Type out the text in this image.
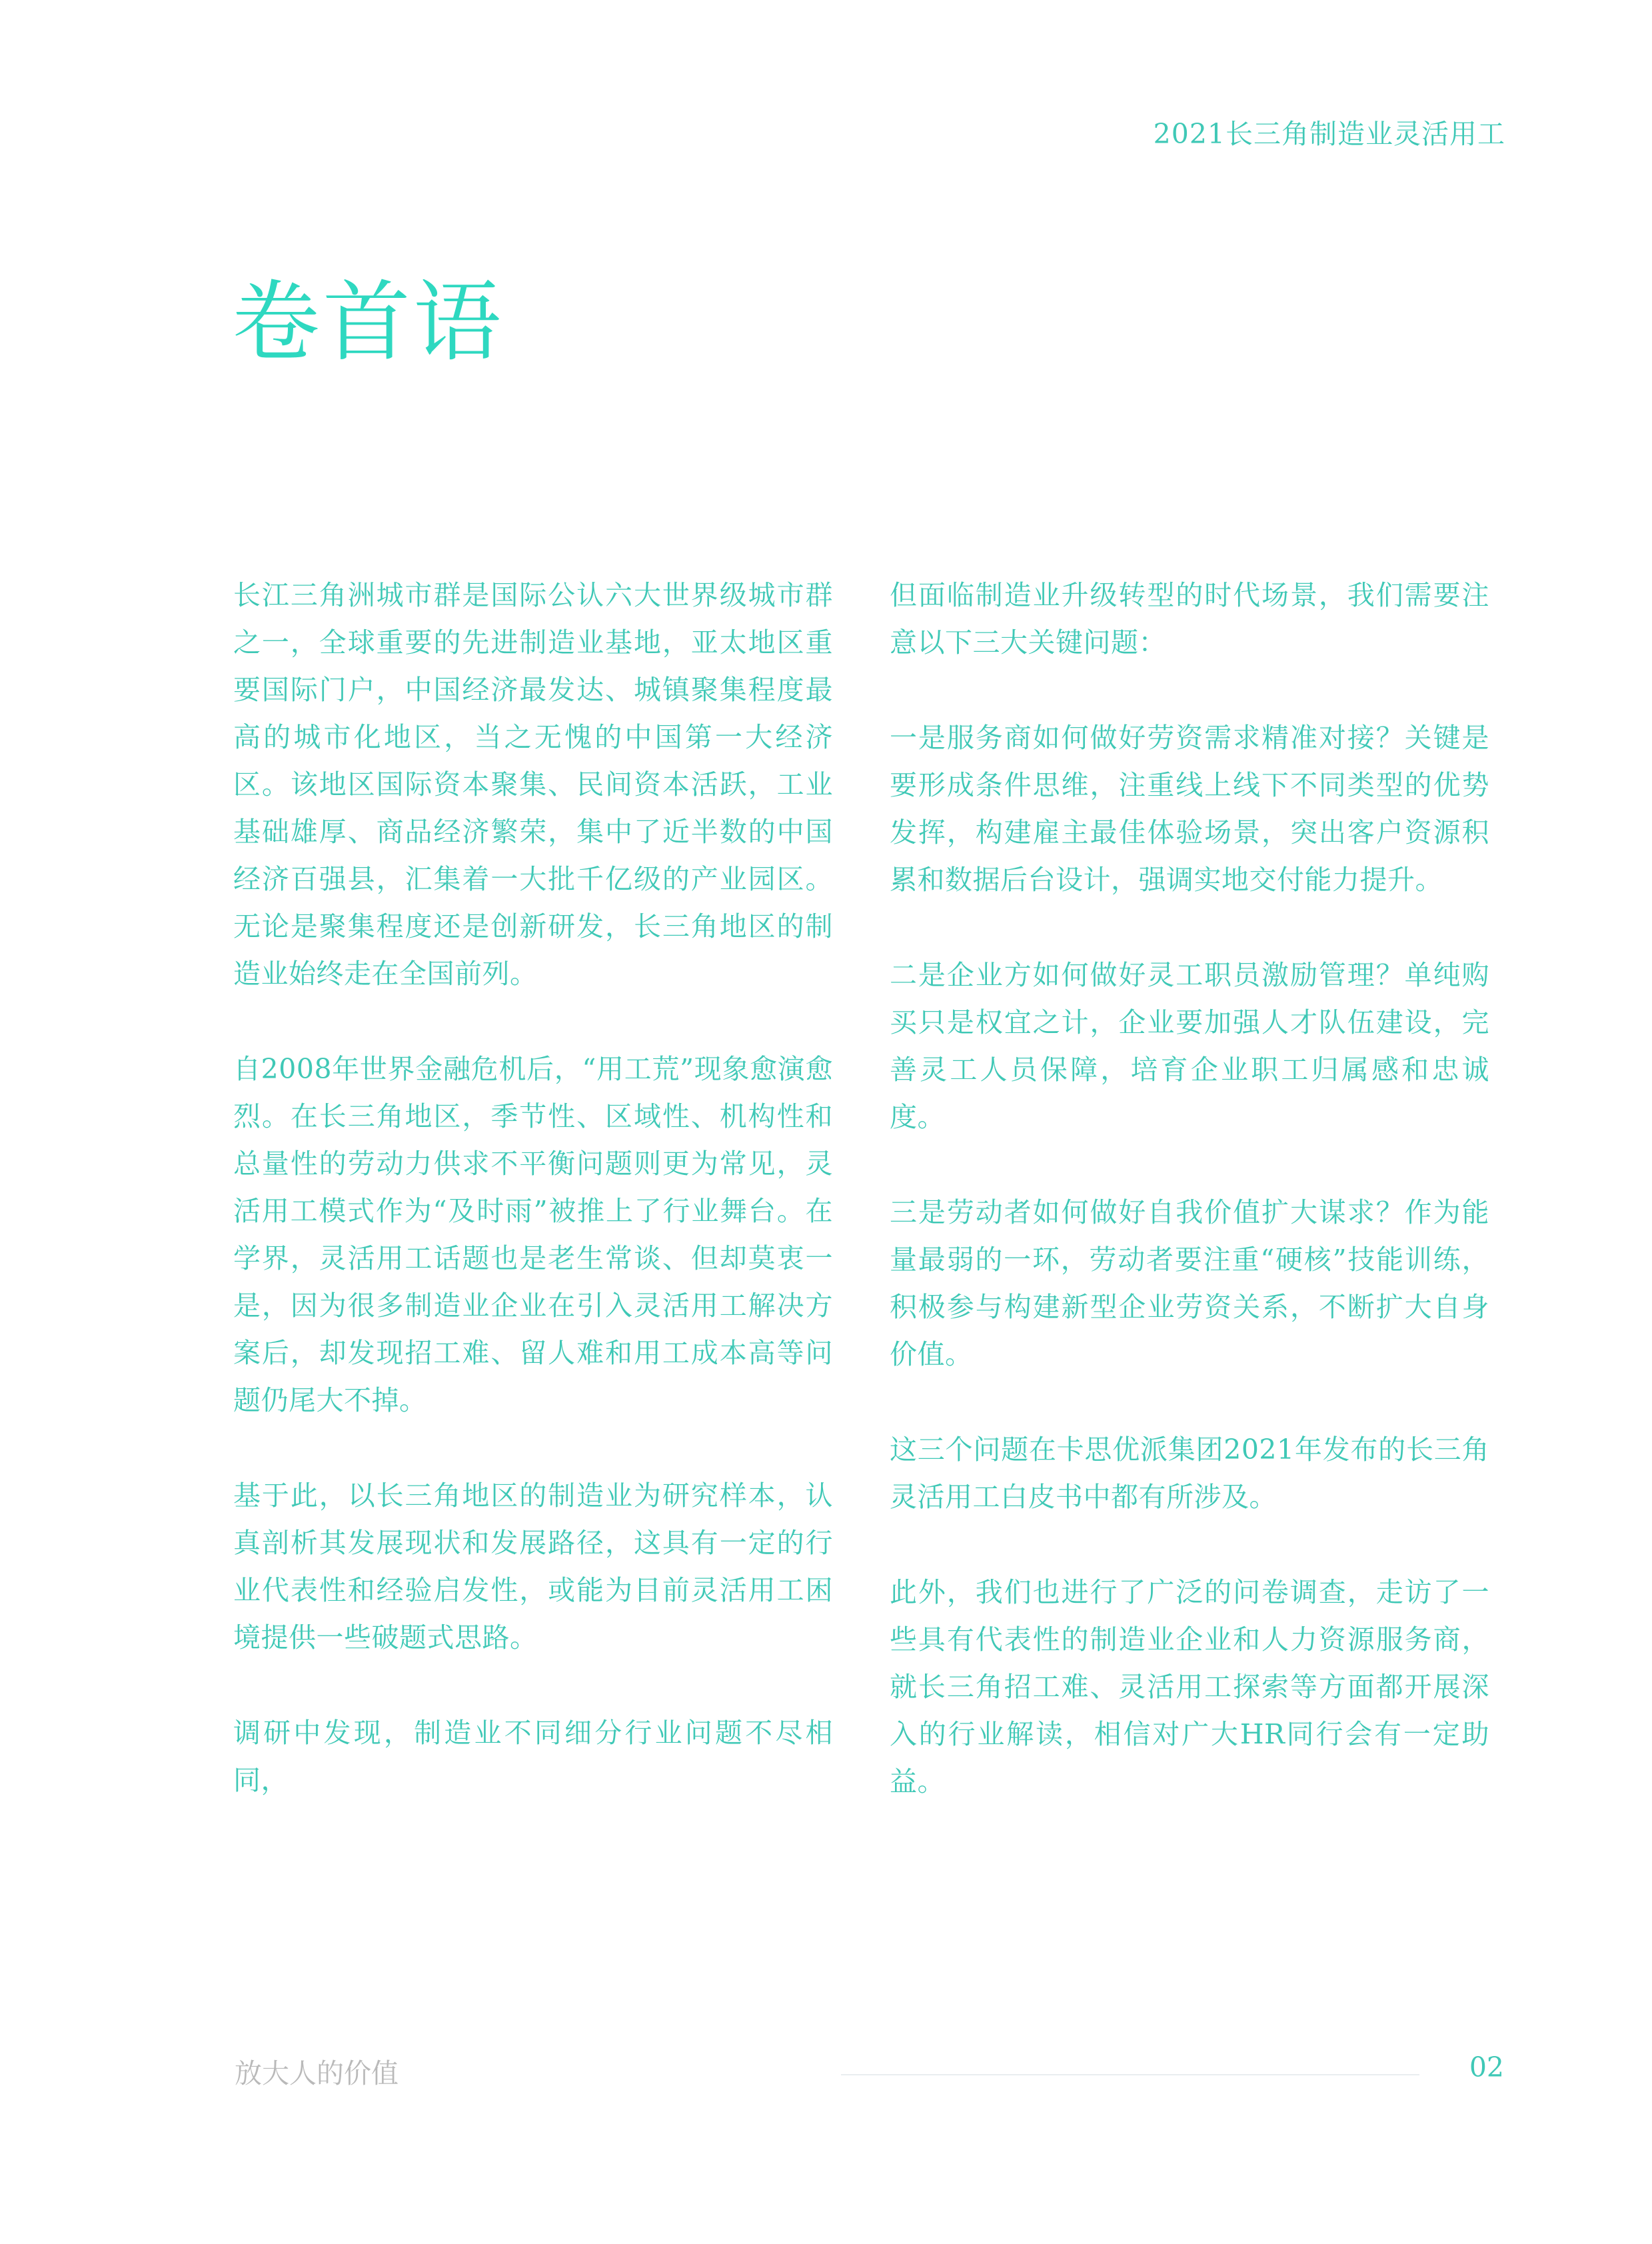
2021长三角制造业灵活用工
卷首语

长江三角洲城市群是国际公认六大世界级城市群之一，全球重要的先进制造业基地，亚太地区重要国际门户，中国经济最发达、城镇聚集程度最高的城市化地区，当之无愧的中国第一大经济区。该地区国际资本聚集、民间资本活跃，工业基础雄厚、商品经济繁荣，集中了近半数的中国经济百强县，汇集着一大批千亿级的产业园区。无论是聚集程度还是创新研发，长三角地区的制造业始终走在全国前列。

自2008年世界金融危机后，“用工荒”现象愈演愈烈。在长三角地区，季节性、区域性、机构性和总量性的劳动力供求不平衡问题则更为常见，灵活用工模式作为“及时雨”被推上了行业舞台。在学界，灵活用工话题也是老生常谈、但却莫衷一是，因为很多制造业企业在引入灵活用工解决方案后，却发现招工难、留人难和用工成本高等问题仍尾大不掉。

基于此，以长三角地区的制造业为研究样本，认真剖析其发展现状和发展路径，这具有一定的行业代表性和经验启发性，或能为目前灵活用工困境提供一些破题式思路。

调研中发现，制造业不同细分行业问题不尽相同，

但面临制造业升级转型的时代场景，我们需要注意以下三大关键问题：

一是服务商如何做好劳资需求精准对接？关键是要形成条件思维，注重线上线下不同类型的优势发挥，构建雇主最佳体验场景，突出客户资源积累和数据后台设计，强调实地交付能力提升。

二是企业方如何做好灵工职员激励管理？单纯购买只是权宜之计，企业要加强人才队伍建设，完善灵工人员保障，培育企业职工归属感和忠诚度。

三是劳动者如何做好自我价值扩大谋求？作为能量最弱的一环，劳动者要注重“硬核”技能训练，积极参与构建新型企业劳资关系，不断扩大自身价值。

这三个问题在卡思优派集团2021年发布的长三角灵活用工白皮书中都有所涉及。

此外，我们也进行了广泛的问卷调查，走访了一些具有代表性的制造业企业和人力资源服务商，就长三角招工难、灵活用工探索等方面都开展深入的行业解读，相信对广大HR同行会有一定助益。

放大人的价值	02
